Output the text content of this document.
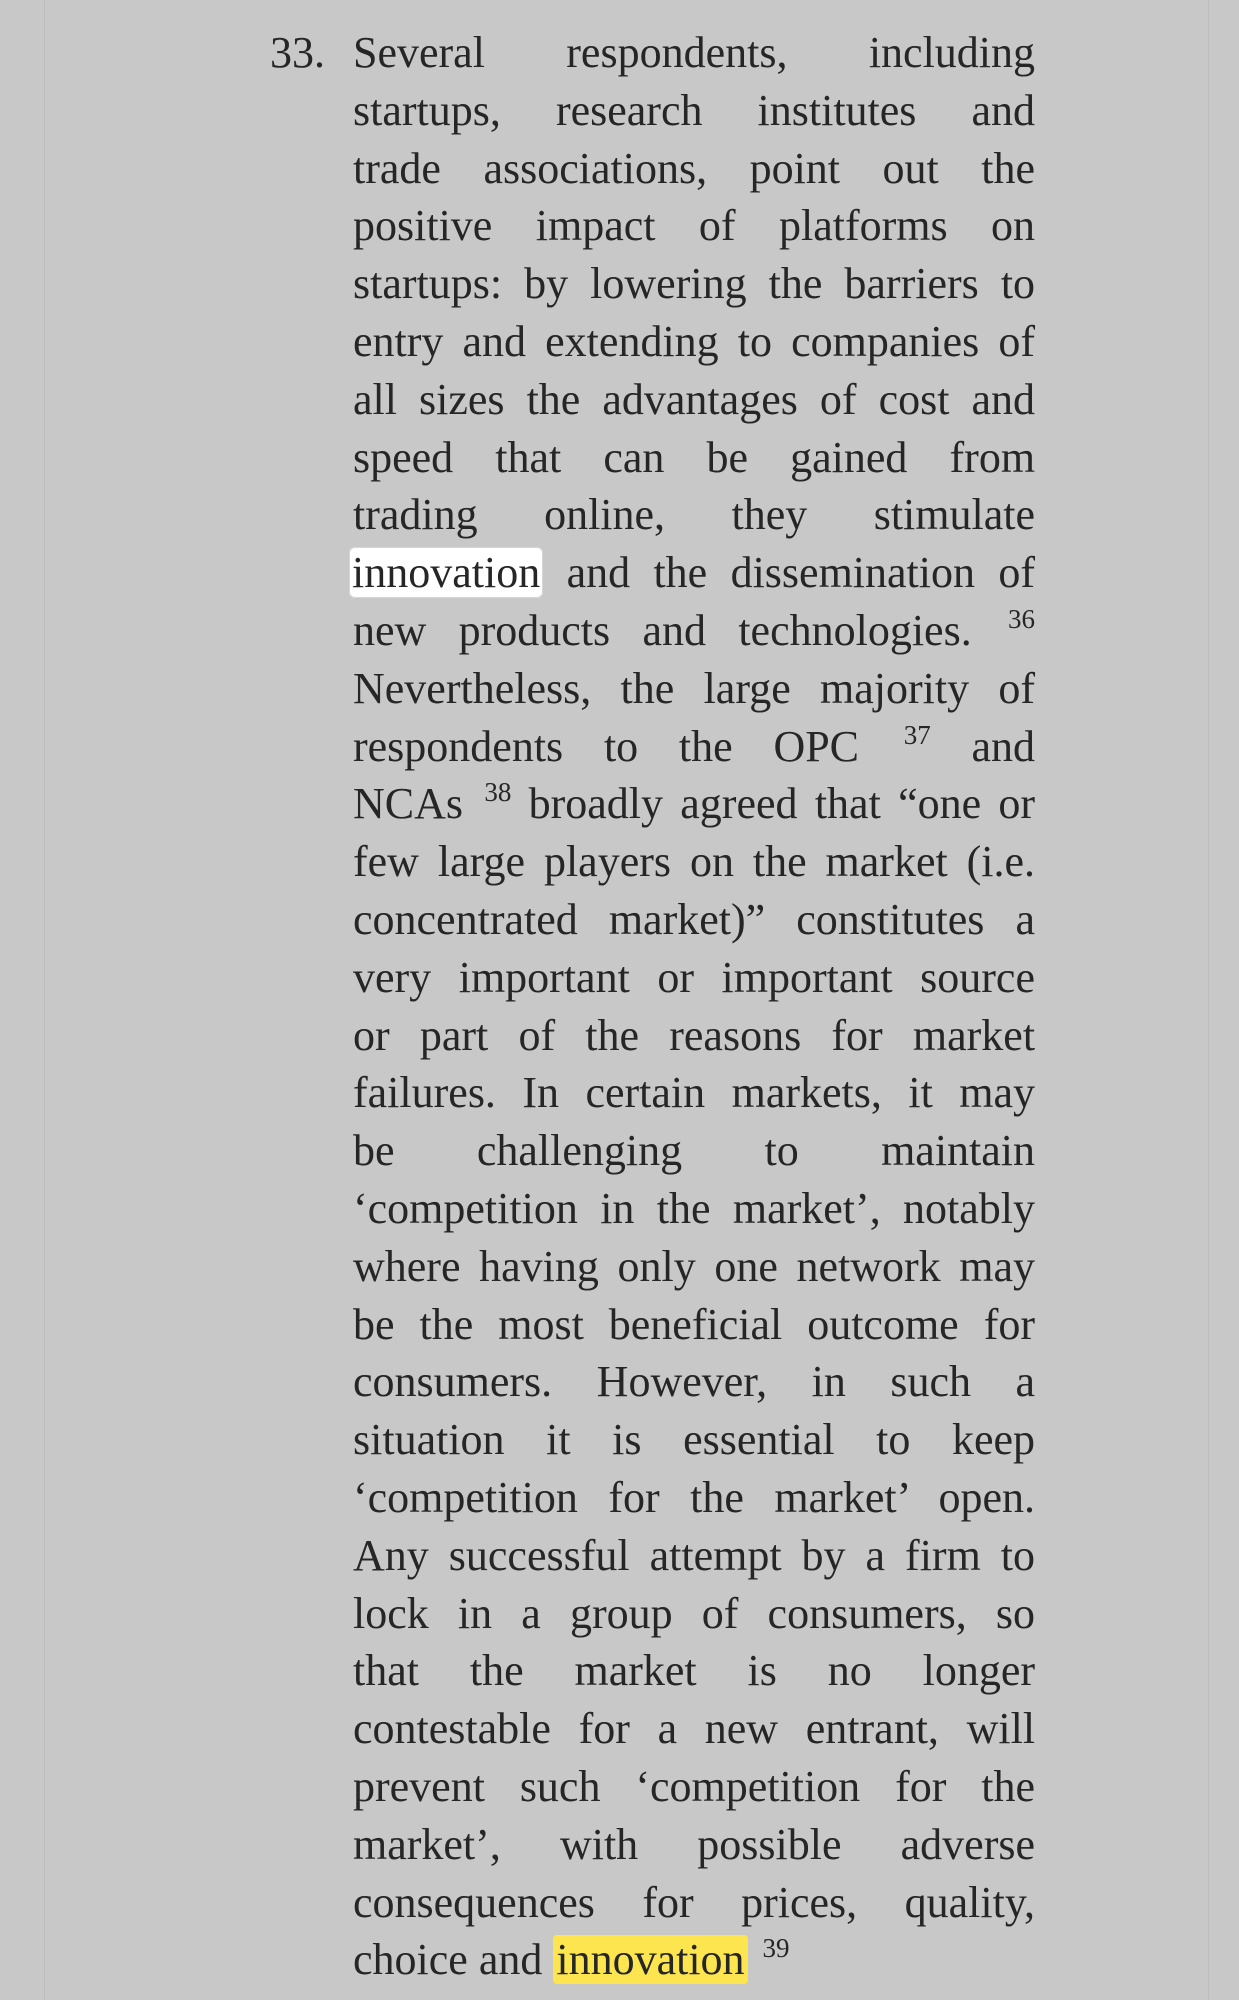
33. Several respondents, including
startups, research institutes and
trade associations, point out the
positive impact of platforms on
startups: by lowering the barriers to
entry and extending to companies of
all sizes the advantages of cost and
speed that can be gained from
trading online, they stimulate
innovation and the dissemination of
new products and technologies. $^{36}$
Nevertheless, the large majority of
respondents to the OPC $^{37}$ and
NCAs $^{38}$ broadly agreed that “one or
few large players on the market (i.e.
concentrated market)” constitutes a
very important or important source
or part of the reasons for market
failures. In certain markets, it may
be challenging to maintain
‘competition in the market’, notably
where having only one network may
be the most beneficial outcome for
consumers. However, in such a
situation it is essential to keep
‘competition for the market’ open.
Any successful attempt by a firm to
lock in a group of consumers, so
that the market is no longer
contestable for a new entrant, will
prevent such ‘competition for the
market’, with possible adverse
consequences for prices, quality,
choice and innovation $^{39}$
